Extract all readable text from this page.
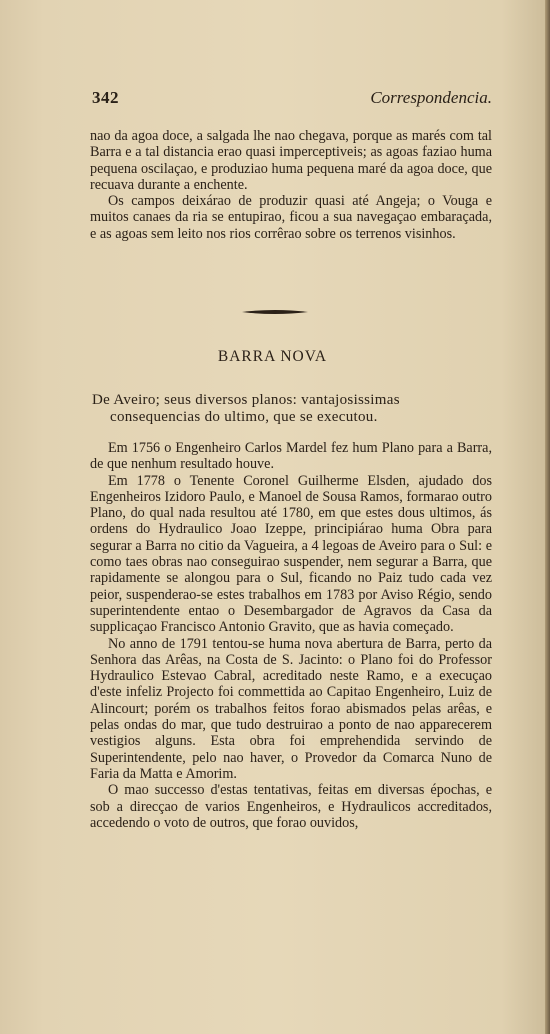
342	Correspondencia.

nao da agoa doce, a salgada lhe nao chegava, porque as marés com tal Barra e a tal distancia erao quasi imperceptiveis; as agoas faziao huma pequena oscilaçao, e produziao huma pequena maré da agoa doce, que recuava durante a enchente.

Os campos deixárao de produzir quasi até Angeja; o Vouga e muitos canaes da ria se entupirao, ficou a sua navegaçao embaraçada, e as agoas sem leito nos rios corrêrao sobre os terrenos visinhos.

BARRA NOVA
De Aveiro; seus diversos planos: vantajosissimas
consequencias do ultimo, que se executou.

Em 1756 o Engenheiro Carlos Mardel fez hum Plano para a Barra, de que nenhum resultado houve.

Em 1778 o Tenente Coronel Guilherme Elsden, ajudado dos Engenheiros Izidoro Paulo, e Manoel de Sousa Ramos, formarao outro Plano, do qual nada resultou até 1780, em que estes dous ultimos, ás ordens do Hydraulico Joao Izeppe, principiárao huma Obra para segurar a Barra no citio da Vagueira, a 4 legoas de Aveiro para o Sul: e como taes obras nao conseguirao suspender, nem segurar a Barra, que rapidamente se alongou para o Sul, ficando no Paiz tudo cada vez peior, suspenderao-se estes trabalhos em 1783 por Aviso Régio, sendo superintendente entao o Desembargador de Agravos da Casa da supplicaçao Francisco Antonio Gravito, que as havia começado.

No anno de 1791 tentou-se huma nova abertura de Barra, perto da Senhora das Arêas, na Costa de S. Jacinto: o Plano foi do Professor Hydraulico Estevao Cabral, acreditado neste Ramo, e a execuçao d'este infeliz Projecto foi commettida ao Capitao Engenheiro, Luiz de Alincourt; porém os trabalhos feitos forao abismados pelas arêas, e pelas ondas do mar, que tudo destruirao a ponto de nao apparecerem vestigios alguns. Esta obra foi emprehendida servindo de Superintendente, pelo nao haver, o Provedor da Comarca Nuno de Faria da Matta e Amorim.

O mao successo d'estas tentativas, feitas em diversas épochas, e sob a direcçao de varios Engenheiros, e Hydraulicos accreditados, accedendo o voto de outros, que forao ouvidos,
